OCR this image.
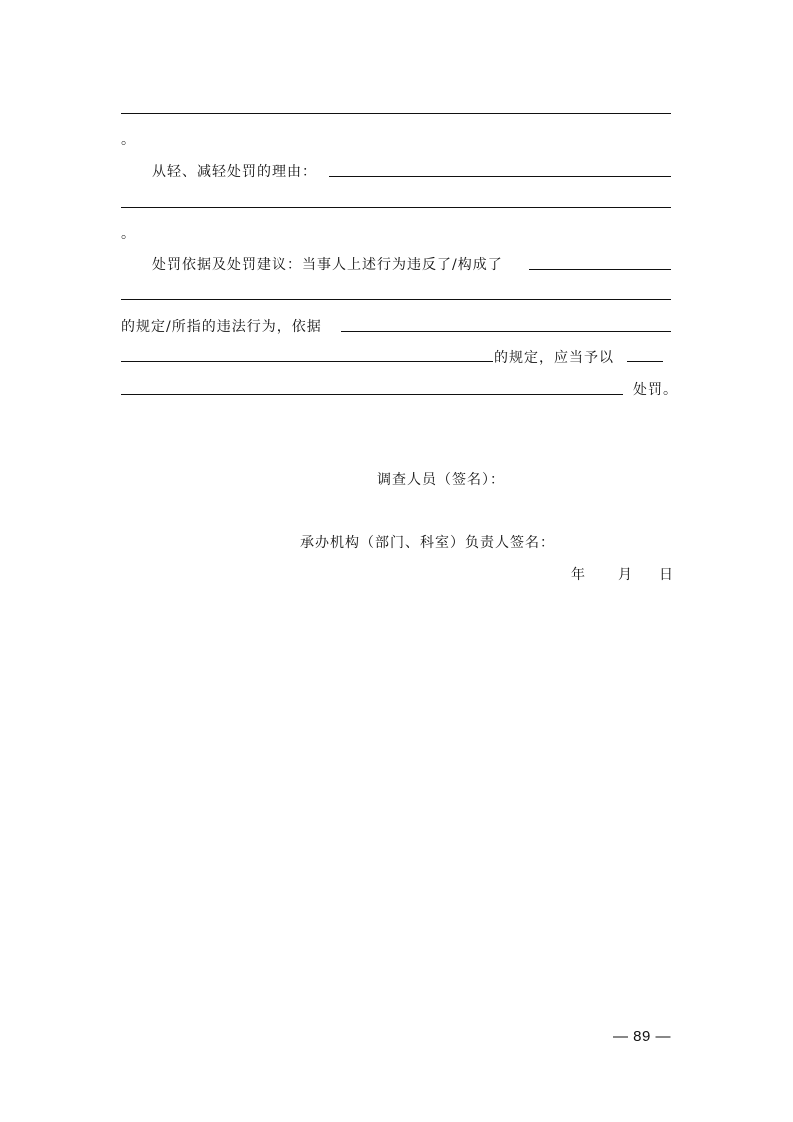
。
从轻、减轻处罚的理由：
。
处罚依据及处罚建议：当事人上述行为违反了/构成了
的规定/所指的违法行为，依据
的规定，应当予以
处罚。
调查人员（签名）：
承办机构（部门、科室）负责人签名：
年 月 日
— 89 —
